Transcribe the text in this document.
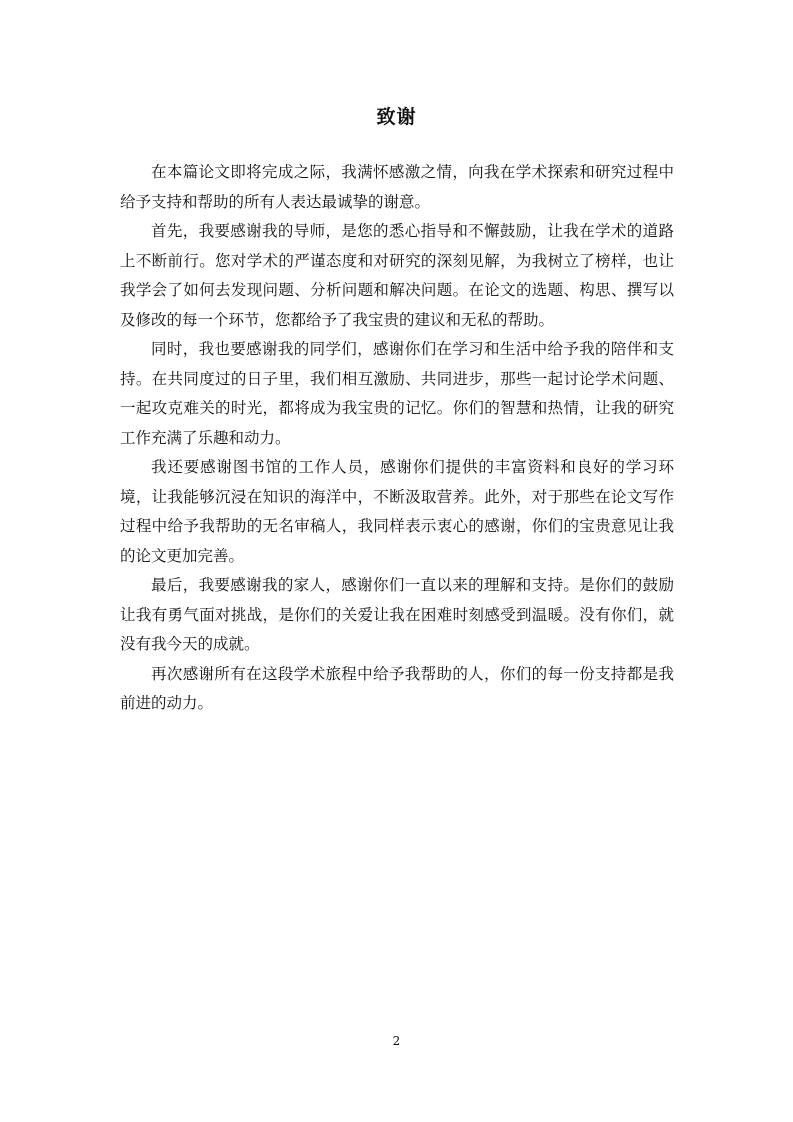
致谢

在本篇论文即将完成之际，我满怀感激之情，向我在学术探索和研究过程中给予支持和帮助的所有人表达最诚挚的谢意。

首先，我要感谢我的导师，是您的悉心指导和不懈鼓励，让我在学术的道路上不断前行。您对学术的严谨态度和对研究的深刻见解，为我树立了榜样，也让我学会了如何去发现问题、分析问题和解决问题。在论文的选题、构思、撰写以及修改的每一个环节，您都给予了我宝贵的建议和无私的帮助。

同时，我也要感谢我的同学们，感谢你们在学习和生活中给予我的陪伴和支持。在共同度过的日子里，我们相互激励、共同进步，那些一起讨论学术问题、一起攻克难关的时光，都将成为我宝贵的记忆。你们的智慧和热情，让我的研究工作充满了乐趣和动力。

我还要感谢图书馆的工作人员，感谢你们提供的丰富资料和良好的学习环境，让我能够沉浸在知识的海洋中，不断汲取营养。此外，对于那些在论文写作过程中给予我帮助的无名审稿人，我同样表示衷心的感谢，你们的宝贵意见让我的论文更加完善。

最后，我要感谢我的家人，感谢你们一直以来的理解和支持。是你们的鼓励让我有勇气面对挑战，是你们的关爱让我在困难时刻感受到温暖。没有你们，就没有我今天的成就。

再次感谢所有在这段学术旅程中给予我帮助的人，你们的每一份支持都是我前进的动力。

2
